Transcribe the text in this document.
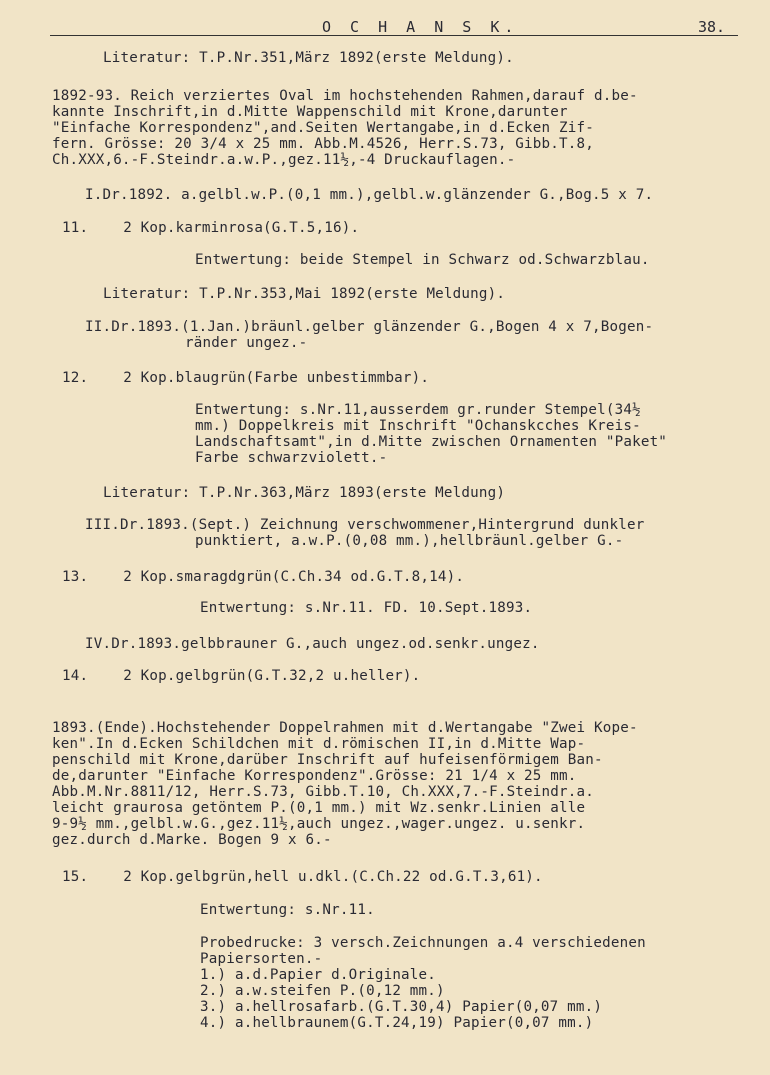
O C H A N S K.	38.
Literatur: T.P.Nr.351,März 1892(erste Meldung).
1892-93. Reich verziertes Oval im hochstehenden Rahmen,darauf d.be-
kannte Inschrift,in d.Mitte Wappenschild mit Krone,darunter
"Einfache Korrespondenz",and.Seiten Wertangabe,in d.Ecken Zif-
fern. Grösse: 20 3/4 x 25 mm. Abb.M.4526, Herr.S.73, Gibb.T.8,
Ch.XXX,6.-F.Steindr.a.w.P.,gez.11½,-4 Druckauflagen.-
I.Dr.1892. a.gelbl.w.P.(0,1 mm.),gelbl.w.glänzender G.,Bog.5 x 7.
11.    2 Kop.karminrosa(G.T.5,16).
Entwertung: beide Stempel in Schwarz od.Schwarzblau.
Literatur: T.P.Nr.353,Mai 1892(erste Meldung).
II.Dr.1893.(1.Jan.)bräunl.gelber glänzender G.,Bogen 4 x 7,Bogen-
ränder ungez.-
12.    2 Kop.blaugrün(Farbe unbestimmbar).
Entwertung: s.Nr.11,ausserdem gr.runder Stempel(34½
mm.) Doppelkreis mit Inschrift "Ochanskсches Kreis-
Landschaftsamt",in d.Mitte zwischen Ornamenten "Paket"
Farbe schwarzviolett.-
Literatur: T.P.Nr.363,März 1893(erste Meldung)
III.Dr.1893.(Sept.) Zeichnung verschwommener,Hintergrund dunkler
punktiert, a.w.P.(0,08 mm.),hellbräunl.gelber G.-
13.    2 Kop.smaragdgrün(C.Ch.34 od.G.T.8,14).
Entwertung: s.Nr.11. FD. 10.Sept.1893.
IV.Dr.1893.gelbbrauner G.,auch ungez.od.senkr.ungez.
14.    2 Kop.gelbgrün(G.T.32,2 u.heller).
1893.(Ende).Hochstehender Doppelrahmen mit d.Wertangabe "Zwei Kope-
ken".In d.Ecken Schildchen mit d.römischen II,in d.Mitte Wap-
penschild mit Krone,darüber Inschrift auf hufeisenförmigem Ban-
de,darunter "Einfache Korrespondenz".Grösse: 21 1/4 x 25 mm.
Abb.M.Nr.8811/12, Herr.S.73, Gibb.T.10, Ch.XXX,7.-F.Steindr.a.
leicht graurosa getöntem P.(0,1 mm.) mit Wz.senkr.Linien alle
9-9½ mm.,gelbl.w.G.,gez.11½,auch ungez.,wager.ungez. u.senkr.
gez.durch d.Marke. Bogen 9 x 6.-
15.    2 Kop.gelbgrün,hell u.dkl.(C.Ch.22 od.G.T.3,61).
Entwertung: s.Nr.11.
Probedrucke: 3 versch.Zeichnungen a.4 verschiedenen
Papiersorten.-
1.) a.d.Papier d.Originale.
2.) a.w.steifen P.(0,12 mm.)
3.) a.hellrosafarb.(G.T.30,4) Papier(0,07 mm.)
4.) a.hellbraunem(G.T.24,19) Papier(0,07 mm.)
